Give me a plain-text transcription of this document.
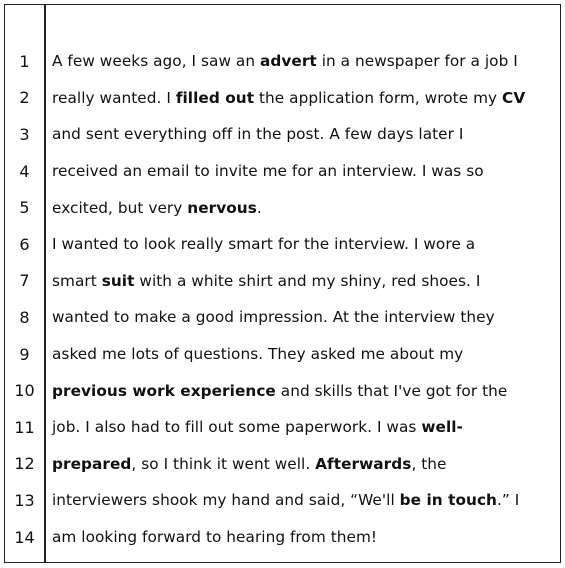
1	A few weeks ago, I saw an advert in a newspaper for a job I
2	really wanted. I filled out the application form, wrote my CV
3	and sent everything off in the post. A few days later I
4	received an email to invite me for an interview. I was so
5	excited, but very nervous.
6	I wanted to look really smart for the interview. I wore a
7	smart suit with a white shirt and my shiny, red shoes. I
8	wanted to make a good impression. At the interview they
9	asked me lots of questions. They asked me about my
10	previous work experience and skills that I've got for the
11	job. I also had to fill out some paperwork. I was well-
12	prepared, so I think it went well. Afterwards, the
13	interviewers shook my hand and said, “We'll be in touch.” I
14	am looking forward to hearing from them!
